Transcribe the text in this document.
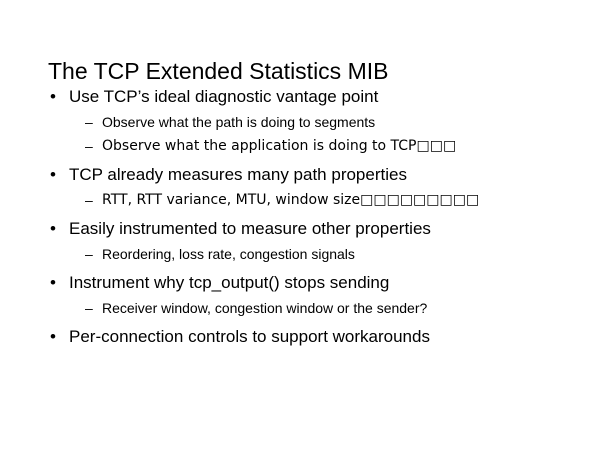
The TCP Extended Statistics MIB
• Use TCP’s ideal diagnostic vantage point
– Observe what the path is doing to segments
– Observe what the application is doing to TCP□□□
• TCP already measures many path properties
– RTT, RTT variance, MTU, window size□□□□□□□□□
• Easily instrumented to measure other properties
– Reordering, loss rate, congestion signals
• Instrument why tcp_output() stops sending
– Receiver window, congestion window or the sender?
• Per-connection controls to support workarounds
